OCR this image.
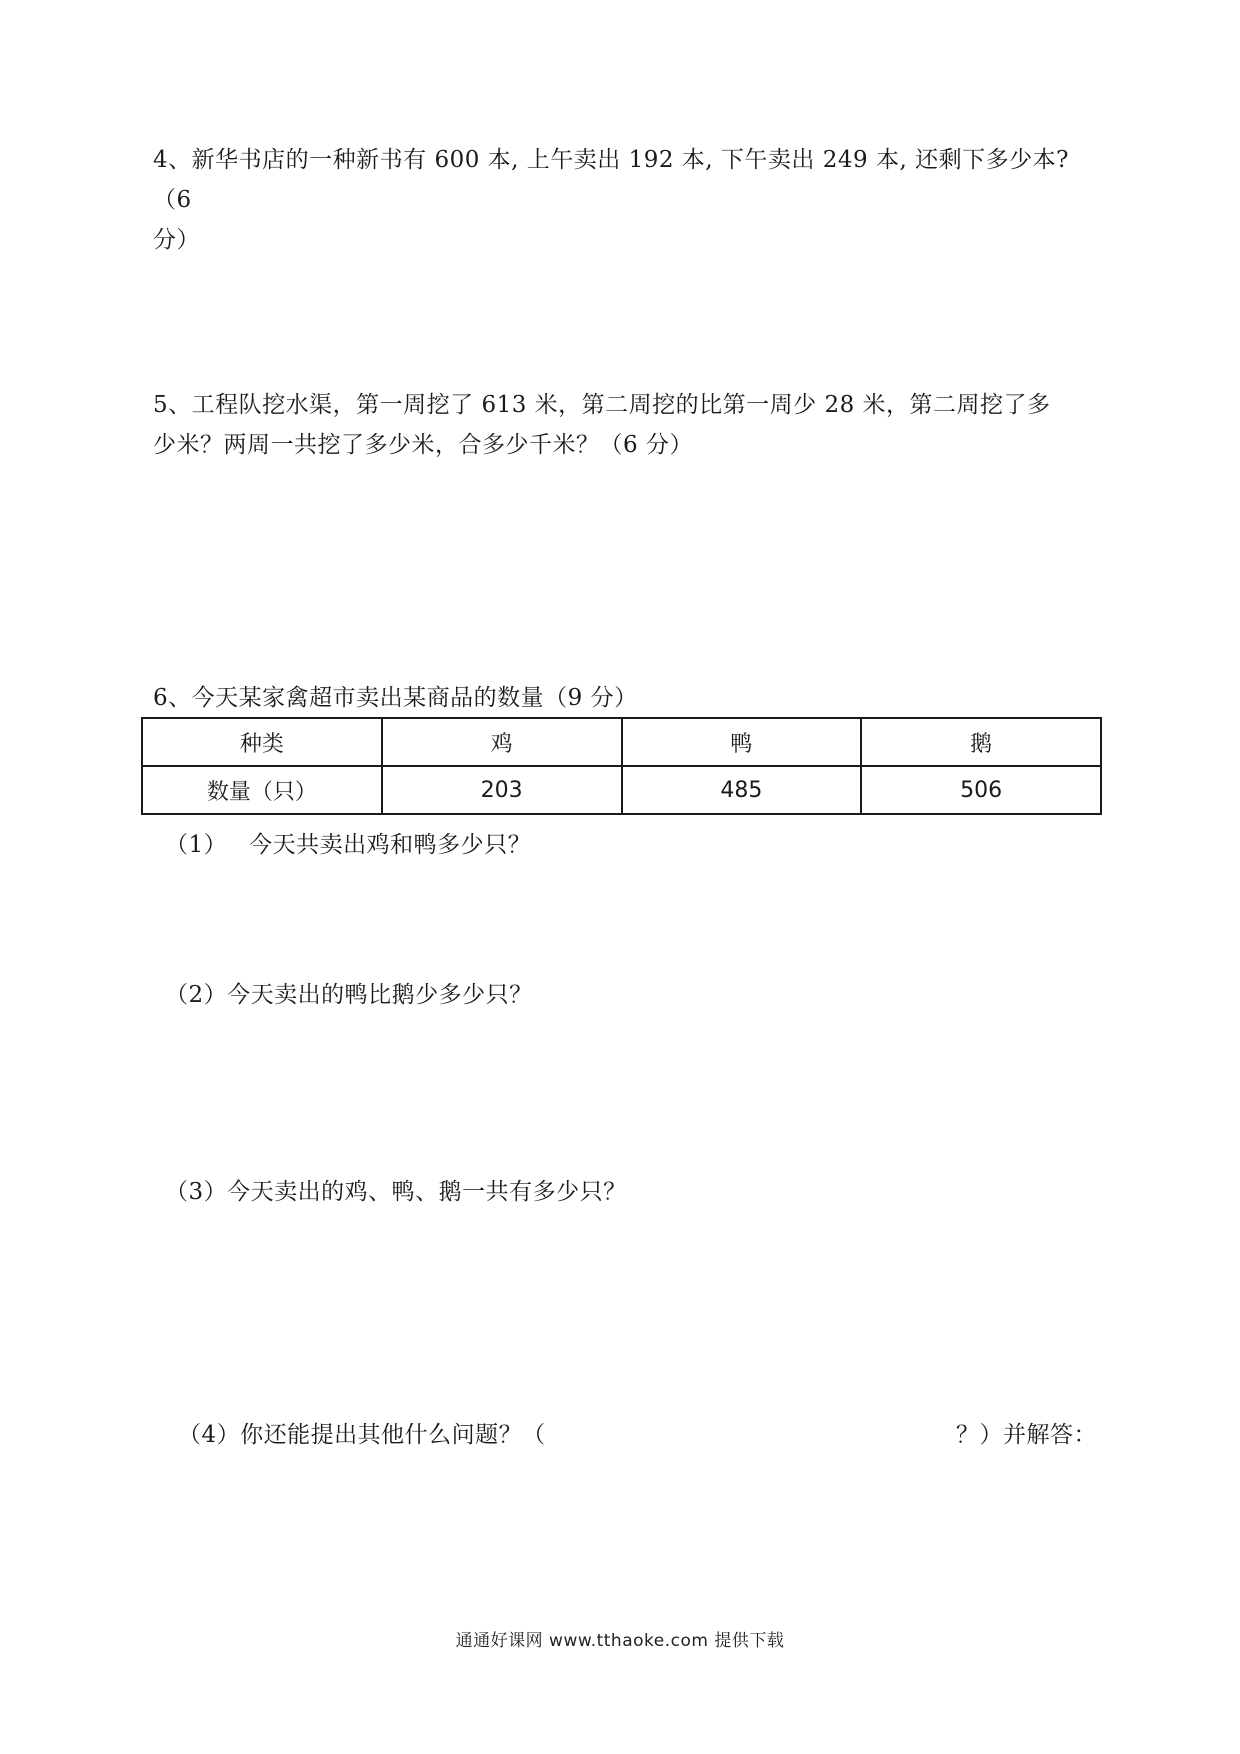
4、新华书店的一种新书有 600 本, 上午卖出 192 本, 下午卖出 249 本, 还剩下多少本?（6
分）
5、工程队挖水渠，第一周挖了 613 米，第二周挖的比第一周少 28 米，第二周挖了多
少米？两周一共挖了多少米，合多少千米？（6 分）
6、今天某家禽超市卖出某商品的数量（9 分）
种类	鸡	鸭	鹅
数量（只）	203	485	506
（1） 今天共卖出鸡和鸭多少只？
（2）今天卖出的鸭比鹅少多少只？
（3）今天卖出的鸡、鸭、鹅一共有多少只？
（4）你还能提出其他什么问题？（	？）并解答：
通通好课网 www.tthaoke.com 提供下载
